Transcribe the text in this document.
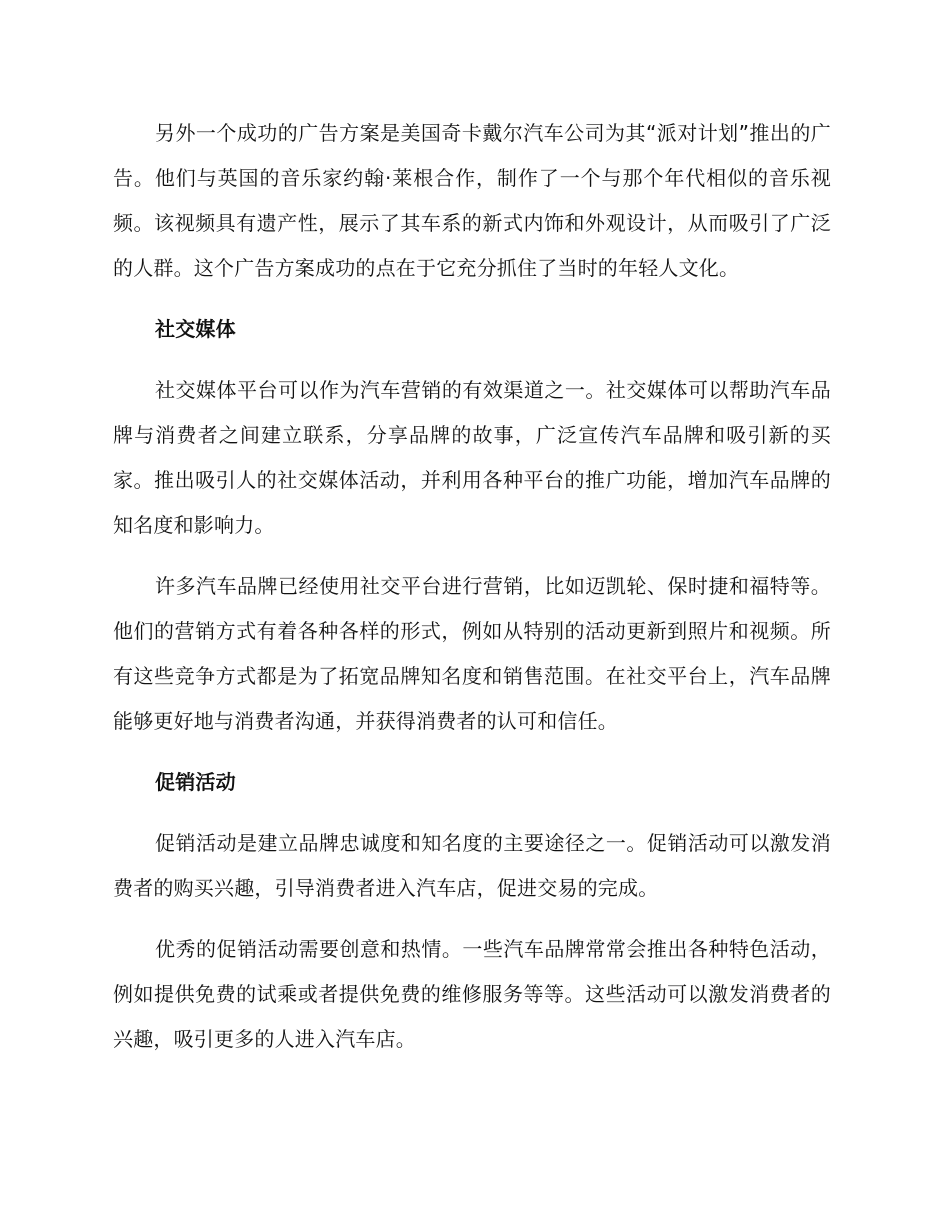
另外一个成功的广告方案是美国奇卡戴尔汽车公司为其“派对计划”推出的广告。他们与英国的音乐家约翰·莱根合作，制作了一个与那个年代相似的音乐视频。该视频具有遗产性，展示了其车系的新式内饰和外观设计，从而吸引了广泛的人群。这个广告方案成功的点在于它充分抓住了当时的年轻人文化。

社交媒体

社交媒体平台可以作为汽车营销的有效渠道之一。社交媒体可以帮助汽车品牌与消费者之间建立联系，分享品牌的故事，广泛宣传汽车品牌和吸引新的买家。推出吸引人的社交媒体活动，并利用各种平台的推广功能，增加汽车品牌的知名度和影响力。

许多汽车品牌已经使用社交平台进行营销，比如迈凯轮、保时捷和福特等。他们的营销方式有着各种各样的形式，例如从特别的活动更新到照片和视频。所有这些竞争方式都是为了拓宽品牌知名度和销售范围。在社交平台上，汽车品牌能够更好地与消费者沟通，并获得消费者的认可和信任。

促销活动

促销活动是建立品牌忠诚度和知名度的主要途径之一。促销活动可以激发消费者的购买兴趣，引导消费者进入汽车店，促进交易的完成。

优秀的促销活动需要创意和热情。一些汽车品牌常常会推出各种特色活动，例如提供免费的试乘或者提供免费的维修服务等等。这些活动可以激发消费者的兴趣，吸引更多的人进入汽车店。
